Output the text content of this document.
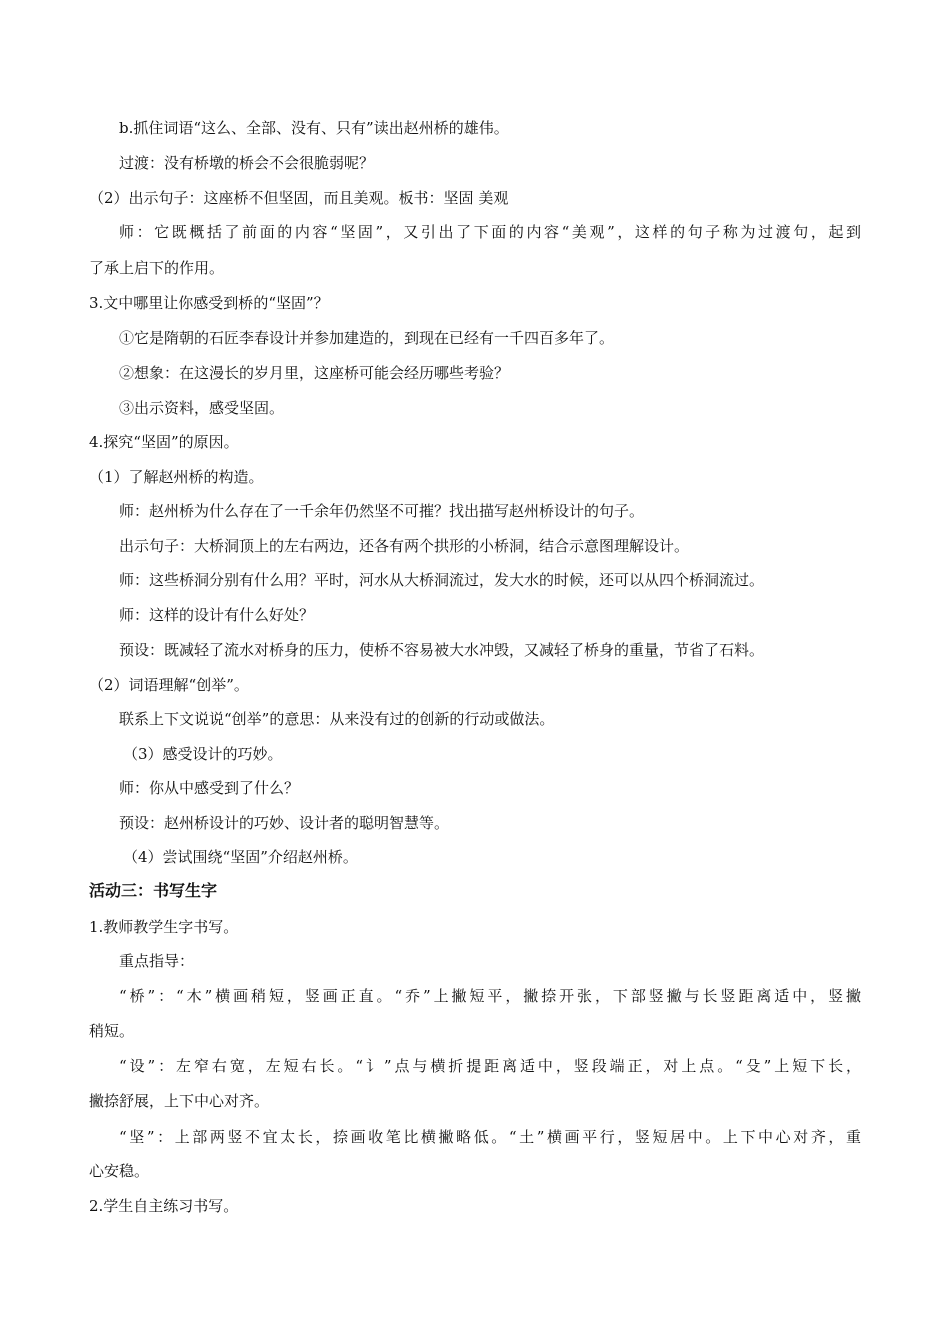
b.抓住词语“这么、全部、没有、只有”读出赵州桥的雄伟。
过渡：没有桥墩的桥会不会很脆弱呢？
（2）出示句子：这座桥不但坚固，而且美观。板书：坚固 美观
师：它既概括了前面的内容“坚固”，又引出了下面的内容“美观”，这样的句子称为过渡句，起到
了承上启下的作用。
3.文中哪里让你感受到桥的“坚固”？
①它是隋朝的石匠李春设计并参加建造的，到现在已经有一千四百多年了。
②想象：在这漫长的岁月里，这座桥可能会经历哪些考验？
③出示资料，感受坚固。
4.探究“坚固”的原因。
（1）了解赵州桥的构造。
师：赵州桥为什么存在了一千余年仍然坚不可摧？找出描写赵州桥设计的句子。
出示句子：大桥洞顶上的左右两边，还各有两个拱形的小桥洞，结合示意图理解设计。
师：这些桥洞分别有什么用？平时，河水从大桥洞流过，发大水的时候，还可以从四个桥洞流过。
师：这样的设计有什么好处？
预设：既减轻了流水对桥身的压力，使桥不容易被大水冲毁，又减轻了桥身的重量，节省了石料。
（2）词语理解“创举”。
联系上下文说说“创举”的意思：从来没有过的创新的行动或做法。
（3）感受设计的巧妙。
师：你从中感受到了什么？
预设：赵州桥设计的巧妙、设计者的聪明智慧等。
（4）尝试围绕“坚固”介绍赵州桥。
活动三：书写生字
1.教师教学生字书写。
重点指导：
“桥”：“木”横画稍短，竖画正直。“乔”上撇短平，撇捺开张，下部竖撇与长竖距离适中，竖撇
稍短。
“设”：左窄右宽，左短右长。“讠”点与横折提距离适中，竖段端正，对上点。“殳”上短下长，
撇捺舒展，上下中心对齐。
“坚”：上部两竖不宜太长，捺画收笔比横撇略低。“土”横画平行，竖短居中。上下中心对齐，重
心安稳。
2.学生自主练习书写。
